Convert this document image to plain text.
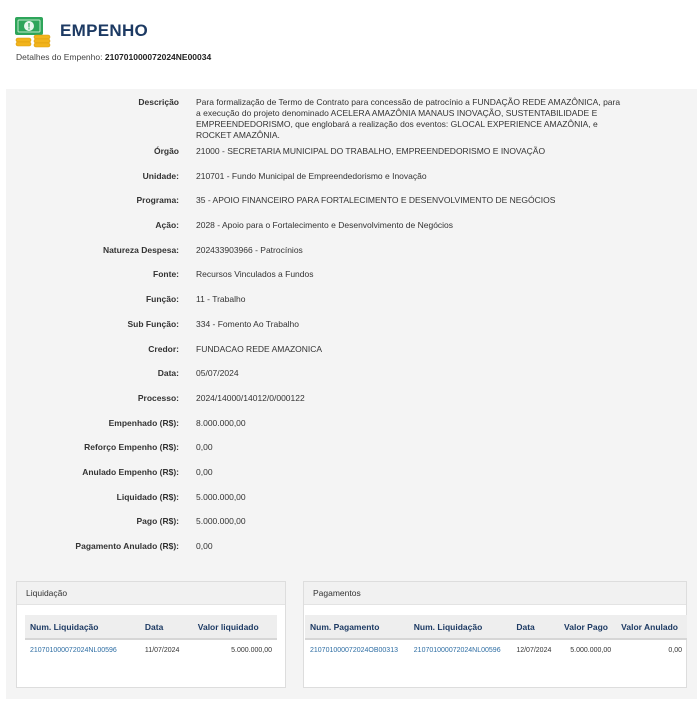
! EMPENHO
Detalhes do Empenho: 210701000072024NE00034
Descrição	Para formalização de Termo de Contrato para concessão de patrocínio a FUNDAÇÃO REDE AMAZÔNICA, para a execução do projeto denominado ACELERA AMAZÔNIA MANAUS INOVAÇÃO, SUSTENTABILIDADE E EMPREENDEDORISMO, que englobará a realização dos eventos: GLOCAL EXPERIENCE AMAZÔNIA, e ROCKET AMAZÔNIA.
Órgão	21000 - SECRETARIA MUNICIPAL DO TRABALHO, EMPREENDEDORISMO E INOVAÇÃO
Unidade:	210701 - Fundo Municipal de Empreendedorismo e Inovação
Programa:	35 - APOIO FINANCEIRO PARA FORTALECIMENTO E DESENVOLVIMENTO DE NEGÓCIOS
Ação:	2028 - Apoio para o Fortalecimento e Desenvolvimento de Negócios
Natureza Despesa:	202433903966 - Patrocínios
Fonte:	Recursos Vinculados a Fundos
Função:	11 - Trabalho
Sub Função:	334 - Fomento Ao Trabalho
Credor:	FUNDACAO REDE AMAZONICA
Data:	05/07/2024
Processo:	2024/14000/14012/0/000122
Empenhado (R$):	8.000.000,00
Reforço Empenho (R$):	0,00
Anulado Empenho (R$):	0,00
Liquidado (R$):	5.000.000,00
Pago (R$):	5.000.000,00
Pagamento Anulado (R$):	0,00
Liquidação
Num. Liquidação	Data	Valor liquidado
210701000072024NL00596	11/07/2024	5.000.000,00
Pagamentos
Num. Pagamento	Num. Liquidação	Data	Valor Pago	Valor Anulado
210701000072024OB00313	210701000072024NL00596	12/07/2024	5.000.000,00	0,00
